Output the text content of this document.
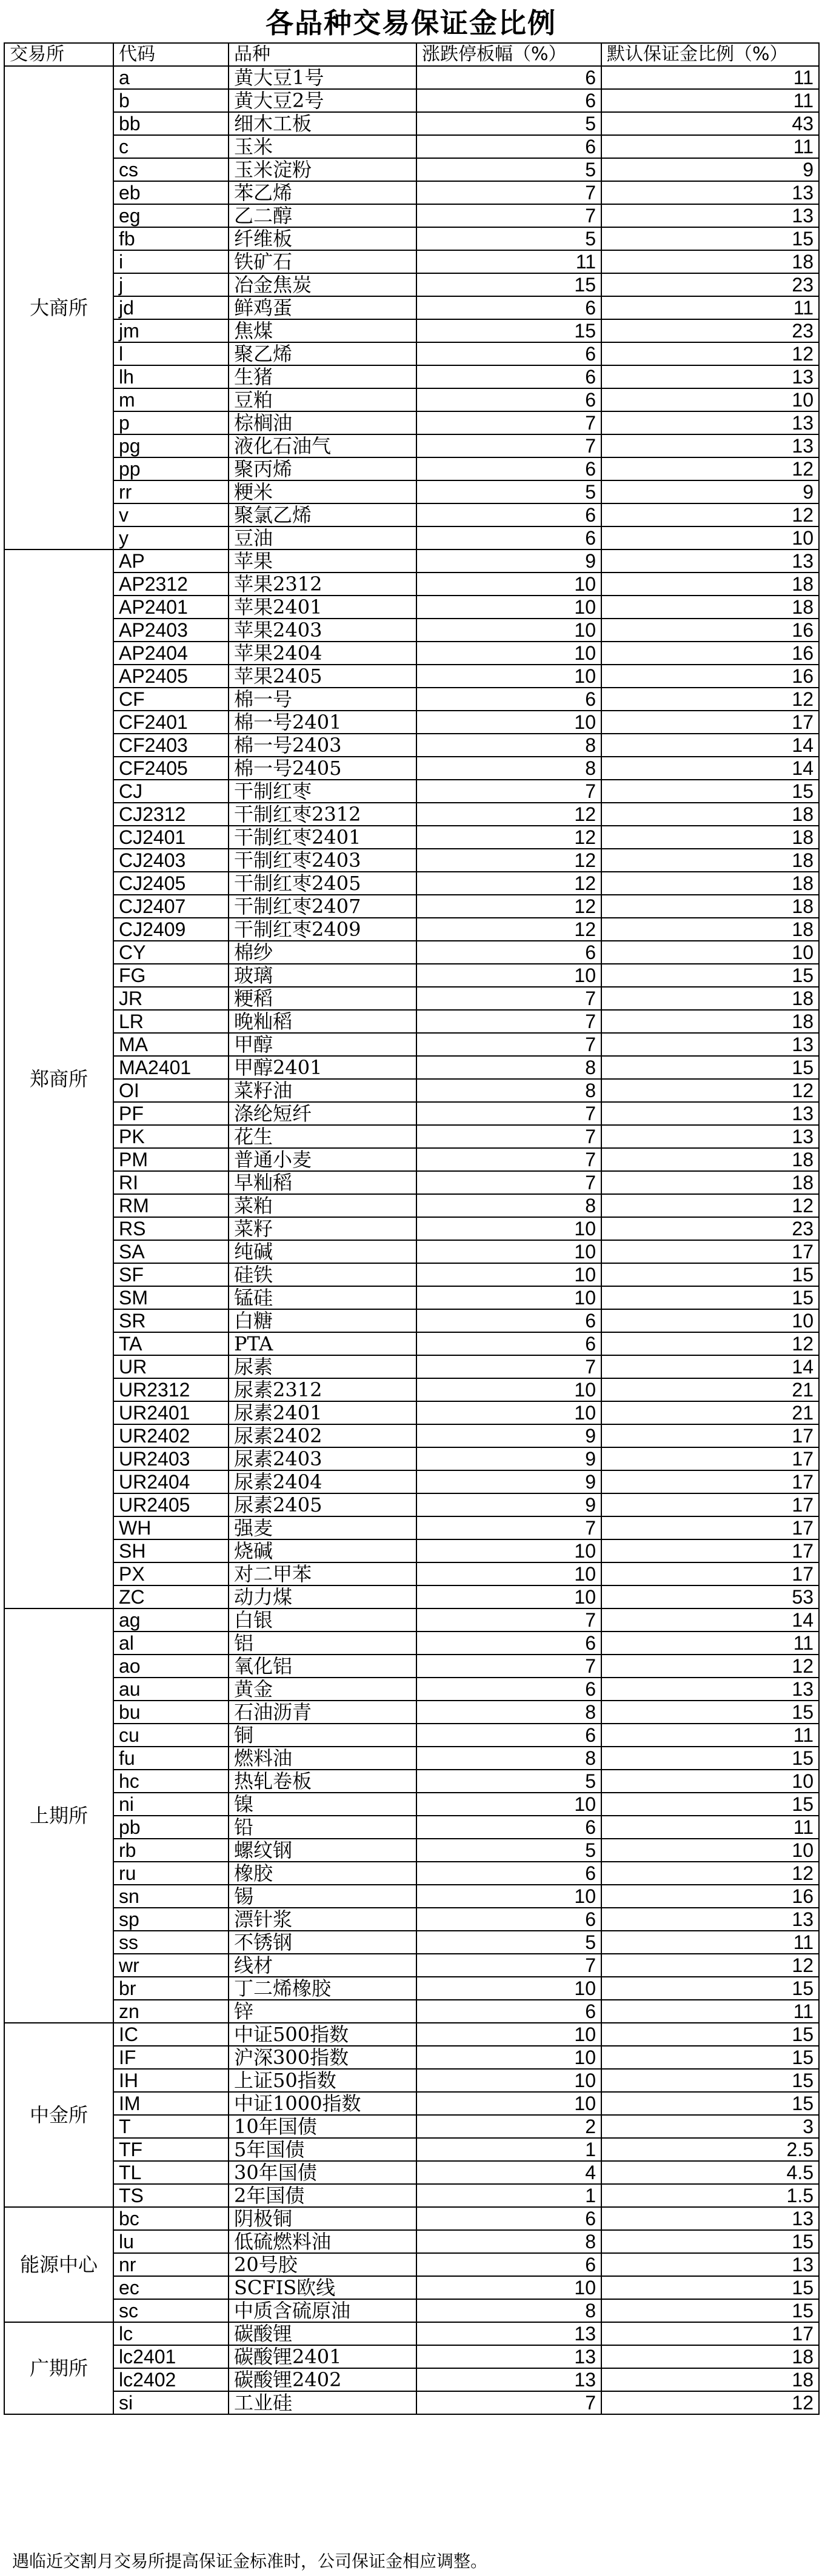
各品种交易保证金比例
交易所	代码	品种	涨跌停板幅（%）	默认保证金比例（%）
大商所	a	黄大豆1号	6	11
	b	黄大豆2号	6	11
	bb	细木工板	5	43
	c	玉米	6	11
	cs	玉米淀粉	5	9
	eb	苯乙烯	7	13
	eg	乙二醇	7	13
	fb	纤维板	5	15
	i	铁矿石	11	18
	j	冶金焦炭	15	23
	jd	鲜鸡蛋	6	11
	jm	焦煤	15	23
	l	聚乙烯	6	12
	lh	生猪	6	13
	m	豆粕	6	10
	p	棕榈油	7	13
	pg	液化石油气	7	13
	pp	聚丙烯	6	12
	rr	粳米	5	9
	v	聚氯乙烯	6	12
	y	豆油	6	10
郑商所	AP	苹果	9	13
	AP2312	苹果2312	10	18
	AP2401	苹果2401	10	18
	AP2403	苹果2403	10	16
	AP2404	苹果2404	10	16
	AP2405	苹果2405	10	16
	CF	棉一号	6	12
	CF2401	棉一号2401	10	17
	CF2403	棉一号2403	8	14
	CF2405	棉一号2405	8	14
	CJ	干制红枣	7	15
	CJ2312	干制红枣2312	12	18
	CJ2401	干制红枣2401	12	18
	CJ2403	干制红枣2403	12	18
	CJ2405	干制红枣2405	12	18
	CJ2407	干制红枣2407	12	18
	CJ2409	干制红枣2409	12	18
	CY	棉纱	6	10
	FG	玻璃	10	15
	JR	粳稻	7	18
	LR	晚籼稻	7	18
	MA	甲醇	7	13
	MA2401	甲醇2401	8	15
	OI	菜籽油	8	12
	PF	涤纶短纤	7	13
	PK	花生	7	13
	PM	普通小麦	7	18
	RI	早籼稻	7	18
	RM	菜粕	8	12
	RS	菜籽	10	23
	SA	纯碱	10	17
	SF	硅铁	10	15
	SM	锰硅	10	15
	SR	白糖	6	10
	TA	PTA	6	12
	UR	尿素	7	14
	UR2312	尿素2312	10	21
	UR2401	尿素2401	10	21
	UR2402	尿素2402	9	17
	UR2403	尿素2403	9	17
	UR2404	尿素2404	9	17
	UR2405	尿素2405	9	17
	WH	强麦	7	17
	SH	烧碱	10	17
	PX	对二甲苯	10	17
	ZC	动力煤	10	53
上期所	ag	白银	7	14
	al	铝	6	11
	ao	氧化铝	7	12
	au	黄金	6	13
	bu	石油沥青	8	15
	cu	铜	6	11
	fu	燃料油	8	15
	hc	热轧卷板	5	10
	ni	镍	10	15
	pb	铅	6	11
	rb	螺纹钢	5	10
	ru	橡胶	6	12
	sn	锡	10	16
	sp	漂针浆	6	13
	ss	不锈钢	5	11
	wr	线材	7	12
	br	丁二烯橡胶	10	15
	zn	锌	6	11
中金所	IC	中证500指数	10	15
	IF	沪深300指数	10	15
	IH	上证50指数	10	15
	IM	中证1000指数	10	15
	T	10年国债	2	3
	TF	5年国债	1	2.5
	TL	30年国债	4	4.5
	TS	2年国债	1	1.5
能源中心	bc	阴极铜	6	13
	lu	低硫燃料油	8	15
	nr	20号胶	6	13
	ec	SCFIS欧线	10	15
	sc	中质含硫原油	8	15
广期所	lc	碳酸锂	13	17
	lc2401	碳酸锂2401	13	18
	lc2402	碳酸锂2402	13	18
	si	工业硅	7	12
遇临近交割月交易所提高保证金标准时，公司保证金相应调整。
